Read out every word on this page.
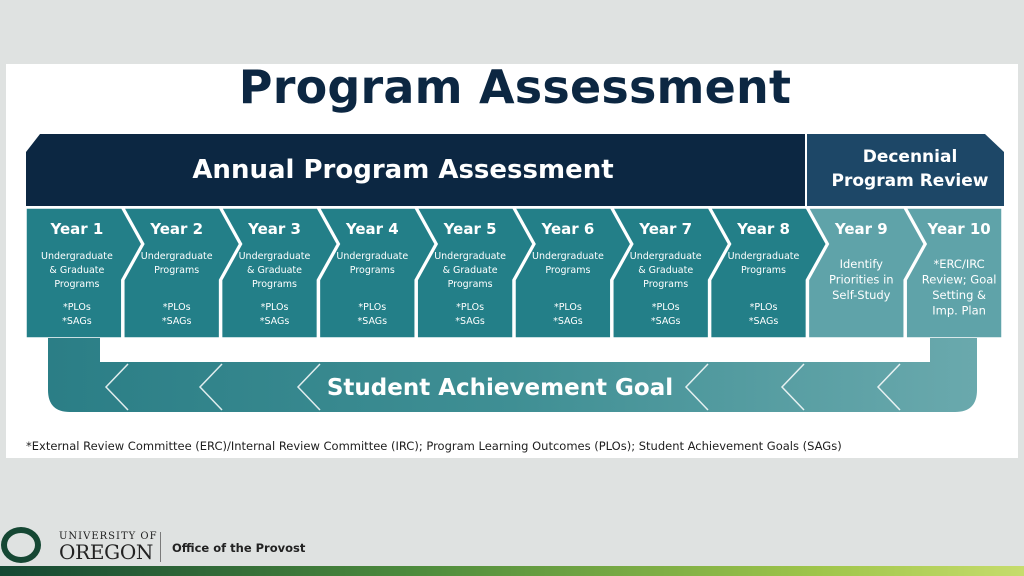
Program Assessment
Annual Program Assessment	Decennial
Program Review
Year 1
Undergraduate
& Graduate
Programs
*PLOs
*SAGs
Year 2
Undergraduate
Programs
*PLOs
*SAGs
Year 3
Undergraduate
& Graduate
Programs
*PLOs
*SAGs
Year 4
Undergraduate
Programs
*PLOs
*SAGs
Year 5
Undergraduate
& Graduate
Programs
*PLOs
*SAGs
Year 6
Undergraduate
Programs
*PLOs
*SAGs
Year 7
Undergraduate
& Graduate
Programs
*PLOs
*SAGs
Year 8
Undergraduate
Programs
*PLOs
*SAGs
Year 9
Identify
Priorities in
Self-Study
Year 10
*ERC/IRC
Review; Goal
Setting &
Imp. Plan
Student Achievement Goal
*External Review Committee (ERC)/Internal Review Committee (IRC); Program Learning Outcomes (PLOs); Student Achievement Goals (SAGs)
UNIVERSITY OF
OREGON Office of the Provost
